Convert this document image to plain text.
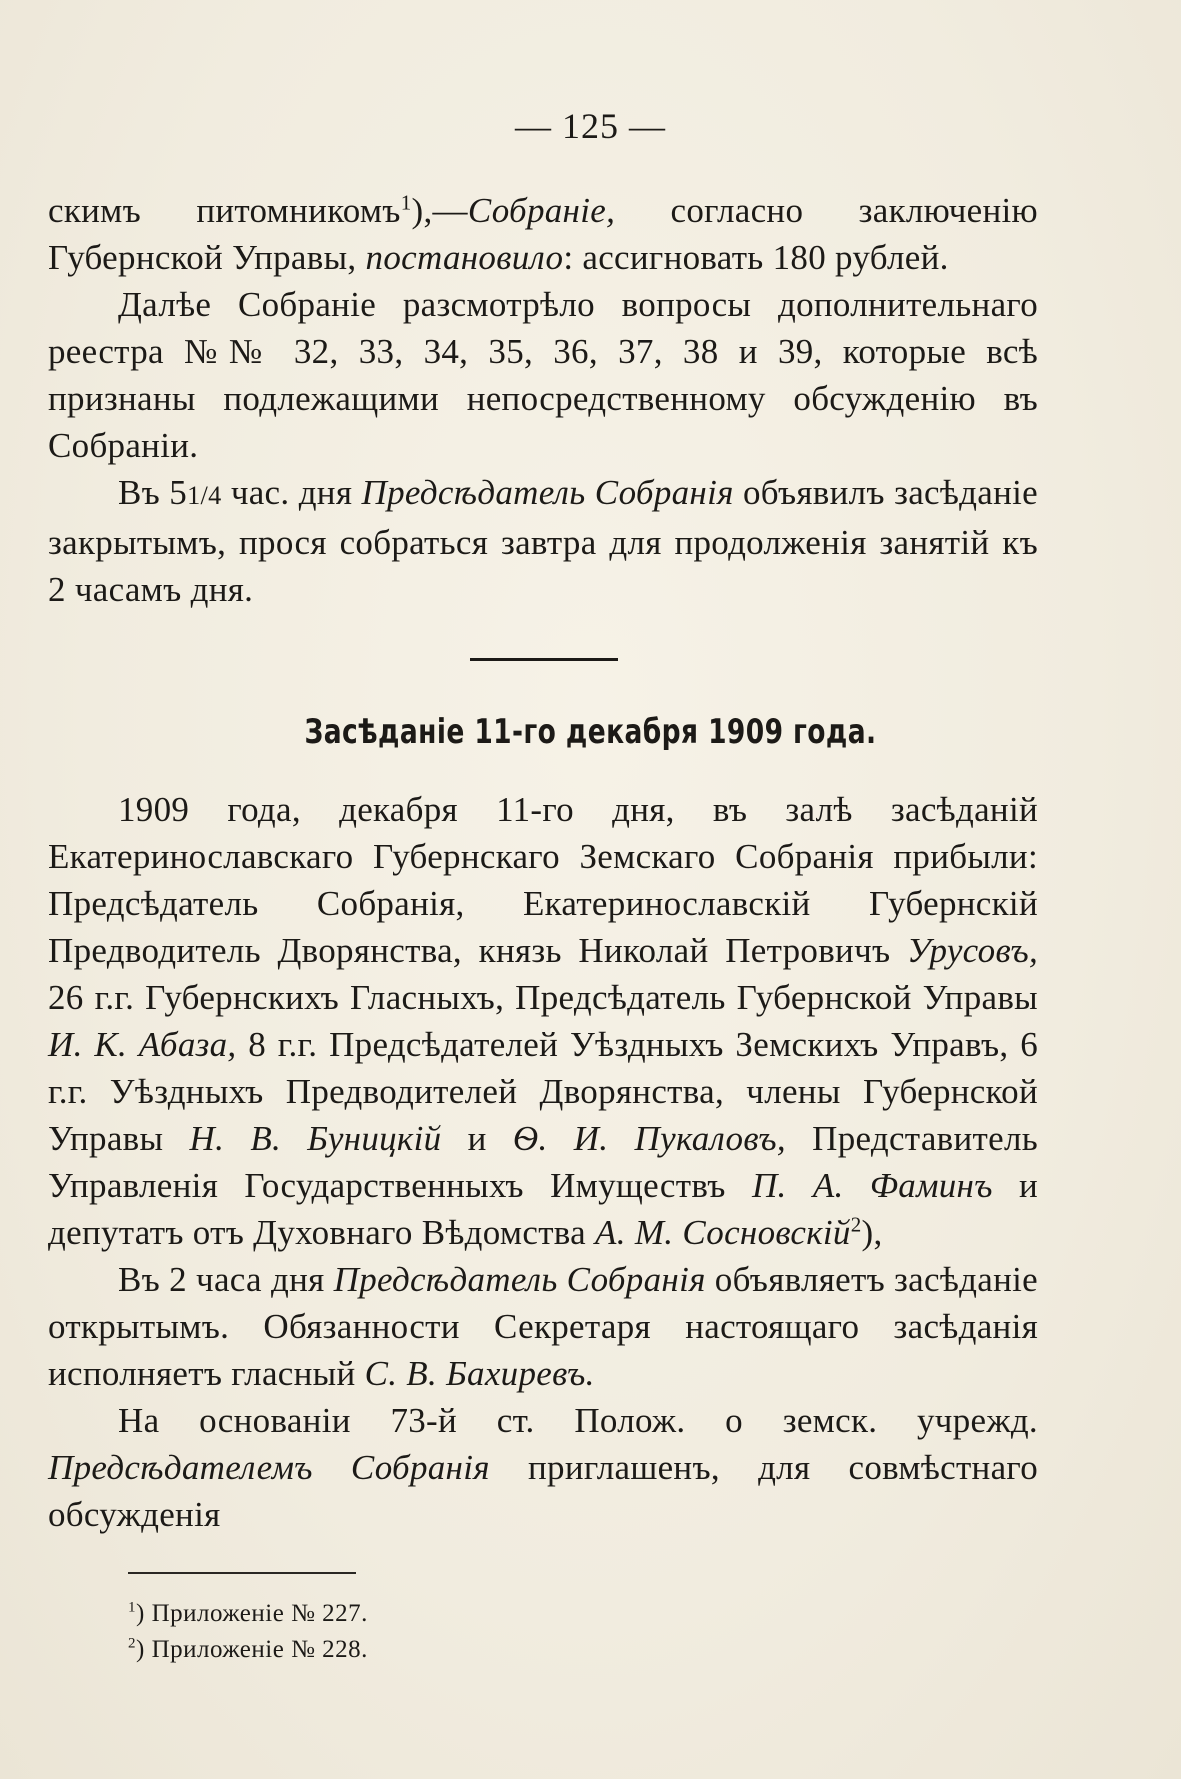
— 125 —

скимъ питомникомъ$^1$),—Собраніе, согласно заключенію Губернской Управы, постановило: ассигновать 180 рублей.

Далѣе Собраніе разсмотрѣло вопросы дополнительнаго реестра №№ 32, 33, 34, 35, 36, 37, 38 и 39, которые всѣ признаны подлежащими непосредственному обсужденію въ Собраніи.

Въ 51/4 час. дня Предсѣдатель Собранія объявилъ засѣданіе закрытымъ, прося собраться завтра для продолженія занятій къ 2 часамъ дня.

Засѣданіе 11-го декабря 1909 года.

1909 года, декабря 11-го дня, въ залѣ засѣданій Екатеринославскаго Губернскаго Земскаго Собранія прибыли: Предсѣдатель Собранія, Екатеринославскій Губернскій Предводитель Дворянства, князь Николай Петровичъ Урусовъ, 26 г.г. Губернскихъ Гласныхъ, Предсѣдатель Губернской Управы И. К. Абаза, 8 г.г. Предсѣдателей Уѣздныхъ Земскихъ Управъ, 6 г.г. Уѣздныхъ Предводителей Дворянства, члены Губернской Управы Н. В. Буницкій и Ѳ. И. Пукаловъ, Представитель Управленія Государственныхъ Имуществъ П. А. Фаминъ и депутатъ отъ Духовнаго Вѣдомства А. М. Сосновскій$^2$),

Въ 2 часа дня Предсѣдатель Собранія объявляетъ засѣданіе открытымъ. Обязанности Секретаря настоящаго засѣданія исполняетъ гласный С. В. Бахиревъ.

На основаніи 73-й ст. Полож. о земск. учрежд. Предсѣдателемъ Собранія приглашенъ, для совмѣстнаго обсужденія

$^1$) Приложеніе № 227.
$^2$) Приложеніе № 228.
